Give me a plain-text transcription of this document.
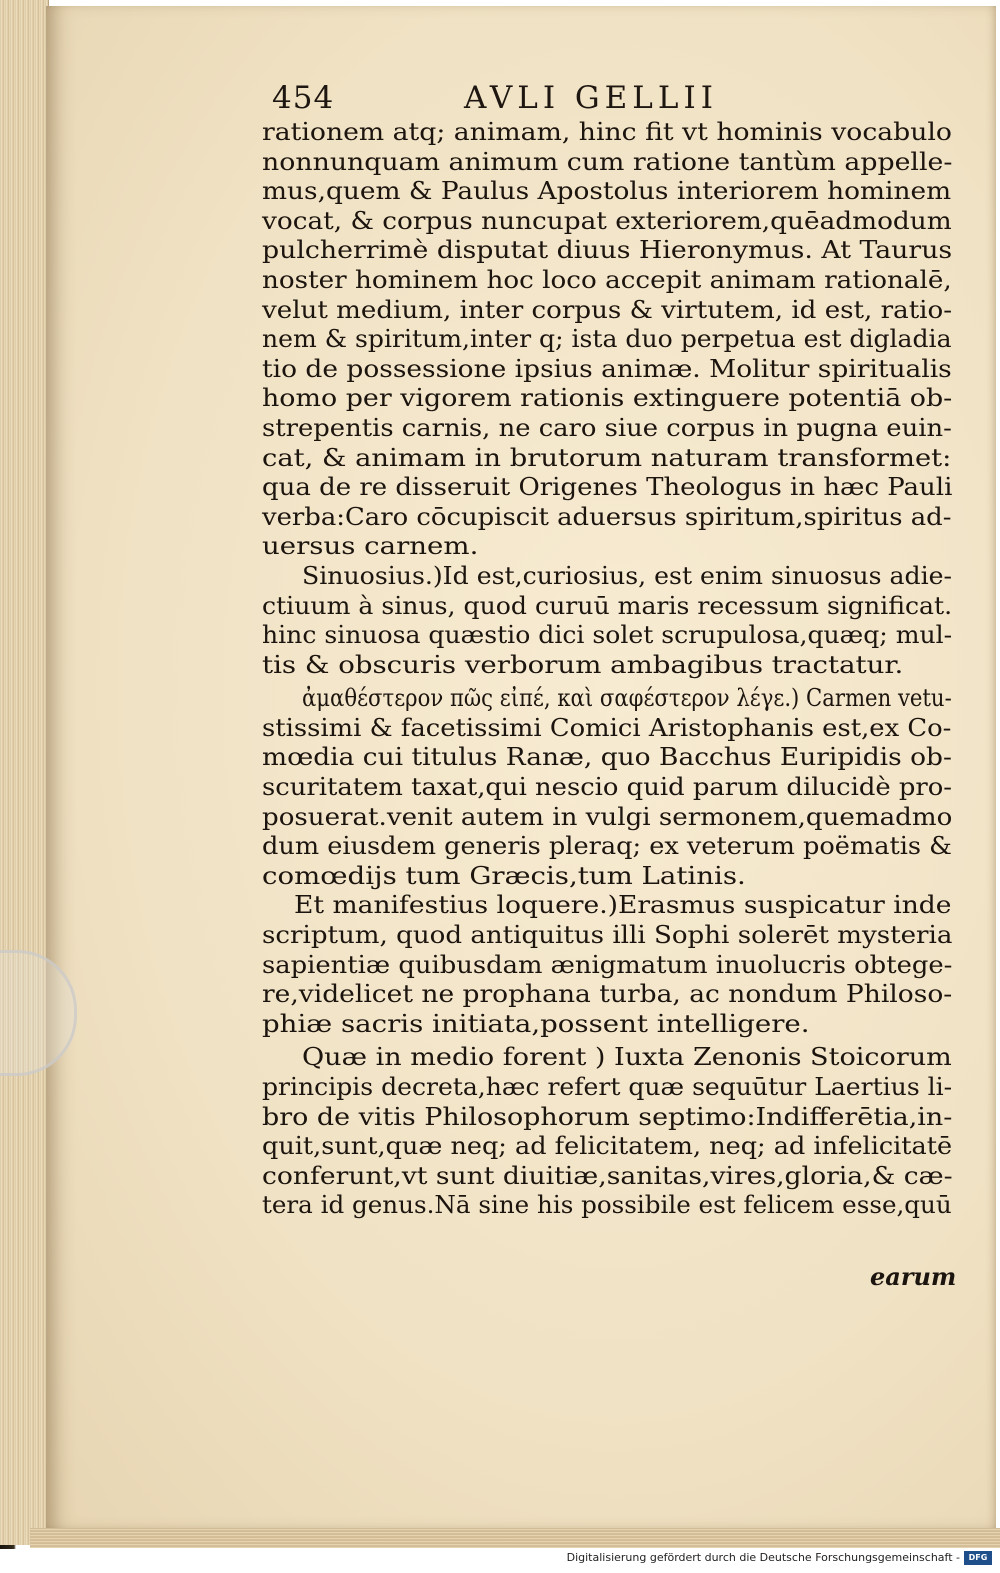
454	AVLI GELLII
rationem atq; animam, hinc fit vt hominis vocabulo
nonnunquam animum cum ratione tantùm appelle-
mus,quem & Paulus Apostolus interiorem hominem
vocat, & corpus nuncupat exteriorem,quēadmodum
pulcherrimè disputat diuus Hieronymus. At Taurus
noster hominem hoc loco accepit animam rationalē,
velut medium, inter corpus & virtutem, id est, ratio-
nem & spiritum,inter q; ista duo perpetua est digladia
tio de possessione ipsius animæ. Molitur spiritualis
homo per vigorem rationis extinguere potentiā ob-
strepentis carnis, ne caro siue corpus in pugna euin-
cat, & animam in brutorum naturam transformet:
qua de re disseruit Origenes Theologus in hæc Pauli
verba:Caro cōcupiscit aduersus spiritum,spiritus ad-
uersus carnem.
Sinuosius.)Id est,curiosius, est enim sinuosus adie-
ctiuum à sinus, quod curuū maris recessum significat.
hinc sinuosa quæstio dici solet scrupulosa,quæq; mul-
tis & obscuris verborum ambagibus tractatur.
ἀμαθέστερον πῶς εἰπέ, καὶ σαφέστερον λέγε.) Carmen vetu-
stissimi & facetissimi Comici Aristophanis est,ex Co-
mœdia cui titulus Ranæ, quo Bacchus Euripidis ob-
scuritatem taxat,qui nescio quid parum dilucidè pro-
posuerat.venit autem in vulgi sermonem,quemadmo
dum eiusdem generis pleraq; ex veterum poëmatis &
comœdijs tum Græcis,tum Latinis.
Et manifestius loquere.)Erasmus suspicatur inde
scriptum, quod antiquitus illi Sophi solerēt mysteria
sapientiæ quibusdam ænigmatum inuolucris obtege-
re,videlicet ne prophana turba, ac nondum Philoso-
phiæ sacris initiata,possent intelligere.
Quæ in medio forent ) Iuxta Zenonis Stoicorum
principis decreta,hæc refert quæ sequūtur Laertius li-
bro de vitis Philosophorum septimo:Indifferētia,in-
quit,sunt,quæ neq; ad felicitatem, neq; ad infelicitatē
conferunt,vt sunt diuitiæ,sanitas,vires,gloria,& cæ-
tera id genus.Nā sine his possibile est felicem esse,quū
earum
Digitalisierung gefördert durch die Deutsche Forschungsgemeinschaft -	DFG
